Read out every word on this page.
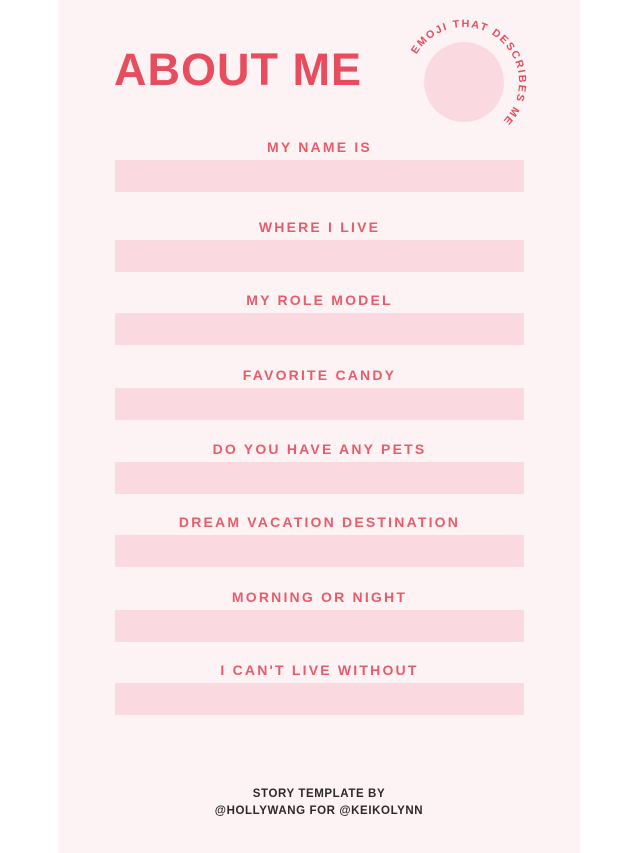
ABOUT ME	EMOJI THAT DESCRIBES ME
MY NAME IS
WHERE I LIVE
MY ROLE MODEL
FAVORITE CANDY
DO YOU HAVE ANY PETS
DREAM VACATION DESTINATION
MORNING OR NIGHT
I CAN'T LIVE WITHOUT
STORY TEMPLATE BY
@HOLLYWANG FOR @KEIKOLYNN
